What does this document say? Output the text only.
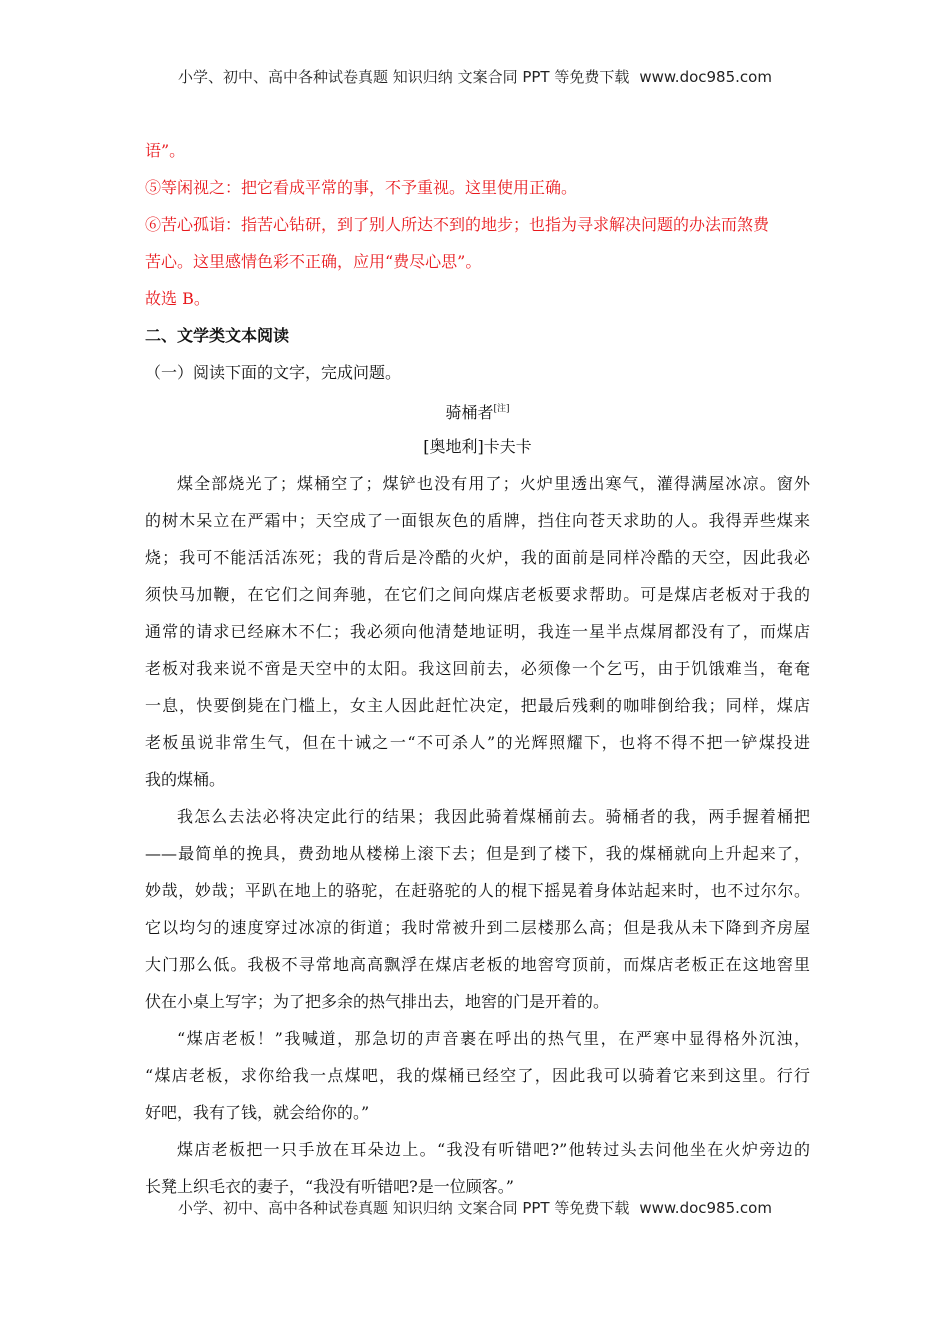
小学、初中、高中各种试卷真题 知识归纳 文案合同 PPT 等免费下载 www.doc985.com
语”。
⑤等闲视之：把它看成平常的事，不予重视。这里使用正确。
⑥苦心孤诣：指苦心钻研，到了别人所达不到的地步；也指为寻求解决问题的办法而煞费
苦心。这里感情色彩不正确，应用“费尽心思”。
故选 B。
二、文学类文本阅读
（一）阅读下面的文字，完成问题。
骑桶者[注]
[奥地利]卡夫卡
煤全部烧光了；煤桶空了；煤铲也没有用了；火炉里透出寒气，灌得满屋冰凉。窗外
的树木呆立在严霜中；天空成了一面银灰色的盾牌，挡住向苍天求助的人。我得弄些煤来
烧；我可不能活活冻死；我的背后是冷酷的火炉，我的面前是同样冷酷的天空，因此我必
须快马加鞭，在它们之间奔驰，在它们之间向煤店老板要求帮助。可是煤店老板对于我的
通常的请求已经麻木不仁；我必须向他清楚地证明，我连一星半点煤屑都没有了，而煤店
老板对我来说不啻是天空中的太阳。我这回前去，必须像一个乞丐，由于饥饿难当，奄奄
一息，快要倒毙在门槛上，女主人因此赶忙决定，把最后残剩的咖啡倒给我；同样，煤店
老板虽说非常生气，但在十诫之一“不可杀人”的光辉照耀下，也将不得不把一铲煤投进
我的煤桶。
我怎么去法必将决定此行的结果；我因此骑着煤桶前去。骑桶者的我，两手握着桶把
——最简单的挽具，费劲地从楼梯上滚下去；但是到了楼下，我的煤桶就向上升起来了，
妙哉，妙哉；平趴在地上的骆驼，在赶骆驼的人的棍下摇晃着身体站起来时，也不过尔尔。
它以均匀的速度穿过冰凉的街道；我时常被升到二层楼那么高；但是我从未下降到齐房屋
大门那么低。我极不寻常地高高飘浮在煤店老板的地窖穹顶前，而煤店老板正在这地窖里
伏在小桌上写字；为了把多余的热气排出去，地窖的门是开着的。
“煤店老板！”我喊道，那急切的声音裹在呼出的热气里，在严寒中显得格外沉浊，
“煤店老板，求你给我一点煤吧，我的煤桶已经空了，因此我可以骑着它来到这里。行行
好吧，我有了钱，就会给你的。”
煤店老板把一只手放在耳朵边上。“我没有听错吧?”他转过头去问他坐在火炉旁边的
长凳上织毛衣的妻子，“我没有听错吧?是一位顾客。”
小学、初中、高中各种试卷真题 知识归纳 文案合同 PPT 等免费下载 www.doc985.com
